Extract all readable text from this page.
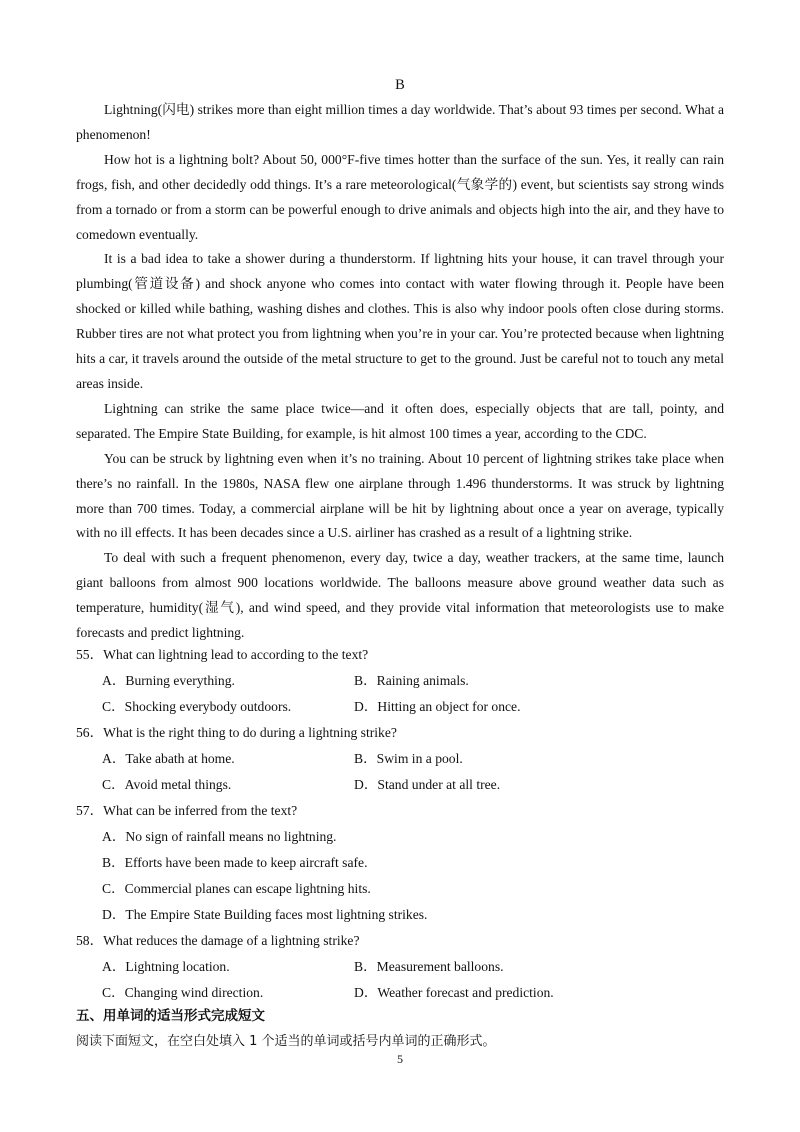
B

Lightning(闪电) strikes more than eight million times a day worldwide. That’s about 93 times per second. What a phenomenon!

How hot is a lightning bolt? About 50, 000°F-five times hotter than the surface of the sun. Yes, it really can rain frogs, fish, and other decidedly odd things. It’s a rare meteorological(气象学的) event, but scientists say strong winds from a tornado or from a storm can be powerful enough to drive animals and objects high into the air, and they have to comedown eventually.

It is a bad idea to take a shower during a thunderstorm. If lightning hits your house, it can travel through your plumbing(管道设备) and shock anyone who comes into contact with water flowing through it. People have been shocked or killed while bathing, washing dishes and clothes. This is also why indoor pools often close during storms. Rubber tires are not what protect you from lightning when you’re in your car. You’re protected because when lightning hits a car, it travels around the outside of the metal structure to get to the ground. Just be careful not to touch any metal areas inside.

Lightning can strike the same place twice—and it often does, especially objects that are tall, pointy, and separated. The Empire State Building, for example, is hit almost 100 times a year, according to the CDC.

You can be struck by lightning even when it’s no training. About 10 percent of lightning strikes take place when there’s no rainfall. In the 1980s, NASA flew one airplane through 1.496 thunderstorms. It was struck by lightning more than 700 times. Today, a commercial airplane will be hit by lightning about once a year on average, typically with no ill effects. It has been decades since a U.S. airliner has crashed as a result of a lightning strike.

To deal with such a frequent phenomenon, every day, twice a day, weather trackers, at the same time, launch giant balloons from almost 900 locations worldwide. The balloons measure above ground weather data such as temperature, humidity(湿气), and wind speed, and they provide vital information that meteorologists use to make forecasts and predict lightning.

55．What can lightning lead to according to the text?
A．Burning everything.	B．Raining animals.
C．Shocking everybody outdoors.	D．Hitting an object for once.
56．What is the right thing to do during a lightning strike?
A．Take abath at home.	B．Swim in a pool.
C．Avoid metal things.	D．Stand under at all tree.
57．What can be inferred from the text?
A．No sign of rainfall means no lightning.
B．Efforts have been made to keep aircraft safe.
C．Commercial planes can escape lightning hits.
D．The Empire State Building faces most lightning strikes.
58．What reduces the damage of a lightning strike?
A．Lightning location.	B．Measurement balloons.
C．Changing wind direction.	D．Weather forecast and prediction.
五、用单词的适当形式完成短文
阅读下面短文，在空白处填入 1 个适当的单词或括号内单词的正确形式。
5
